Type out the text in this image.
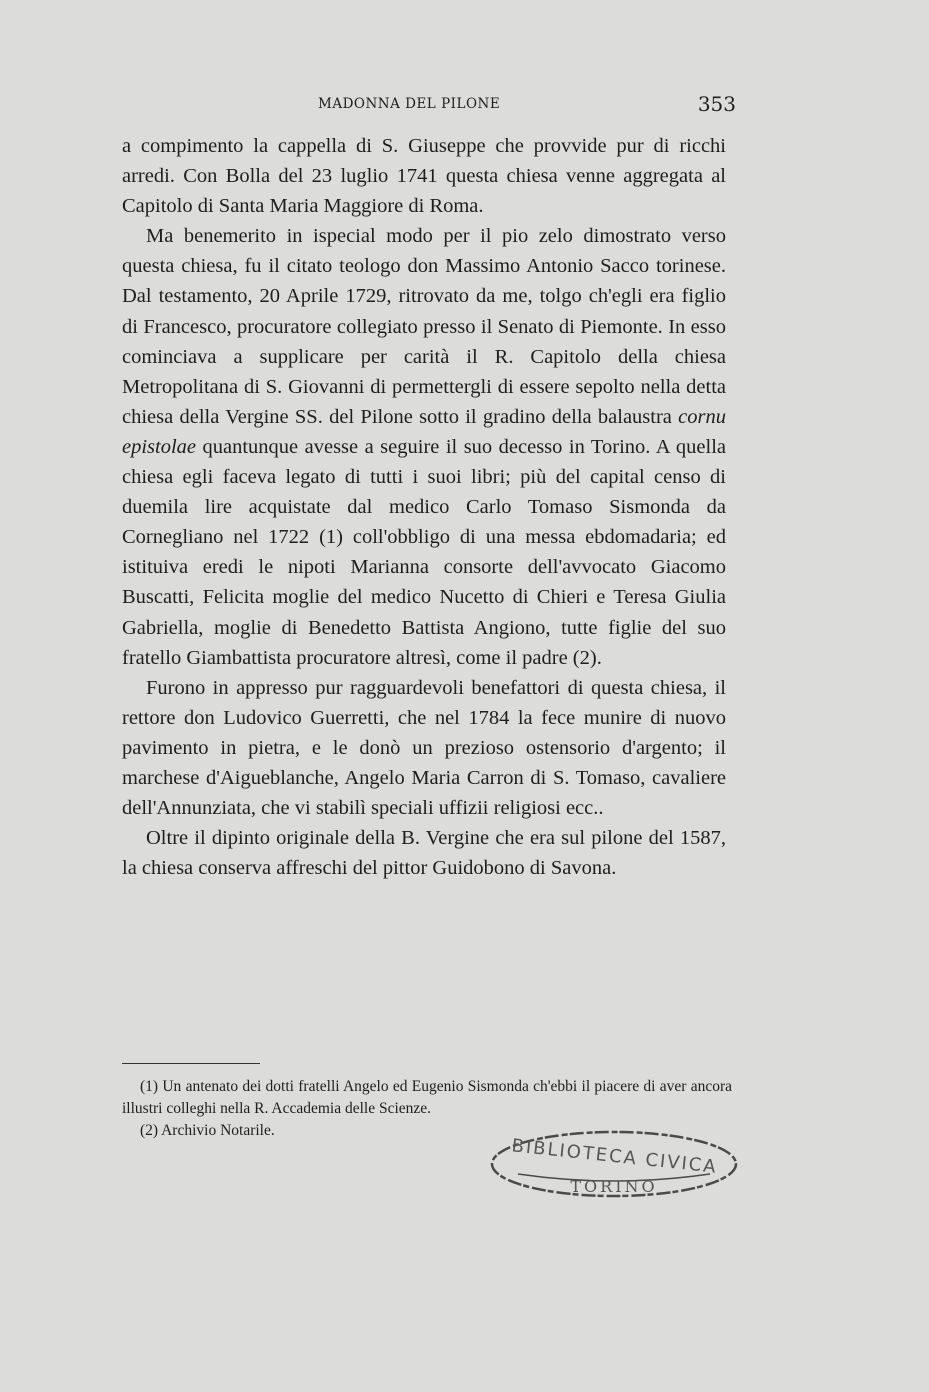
MADONNA DEL PILONE	353

a compimento la cappella di S. Giuseppe che provvide pur di ricchi arredi. Con Bolla del 23 luglio 1741 questa chiesa venne aggregata al Capitolo di Santa Maria Maggiore di Roma.

Ma benemerito in ispecial modo per il pio zelo dimostrato verso questa chiesa, fu il citato teologo don Massimo Antonio Sacco torinese. Dal testamento, 20 Aprile 1729, ritrovato da me, tolgo ch'egli era figlio di Francesco, procuratore collegiato presso il Senato di Piemonte. In esso cominciava a supplicare per carità il R. Capitolo della chiesa Metropolitana di S. Giovanni di permettergli di essere sepolto nella detta chiesa della Vergine SS. del Pilone sotto il gradino della balaustra cornu epistolae quantunque avesse a seguire il suo decesso in Torino. A quella chiesa egli faceva legato di tutti i suoi libri; più del capital censo di duemila lire acquistate dal medico Carlo Tomaso Sismonda da Cornegliano nel 1722 (1) coll'obbligo di una messa ebdomadaria; ed istituiva eredi le nipoti Marianna consorte dell'avvocato Giacomo Buscatti, Felicita moglie del medico Nucetto di Chieri e Teresa Giulia Gabriella, moglie di Benedetto Battista Angiono, tutte figlie del suo fratello Giambattista procuratore altresì, come il padre (2).

Furono in appresso pur ragguardevoli benefattori di questa chiesa, il rettore don Ludovico Guerretti, che nel 1784 la fece munire di nuovo pavimento in pietra, e le donò un prezioso ostensorio d'argento; il marchese d'Aigueblanche, Angelo Maria Carron di S. Tomaso, cavaliere dell'Annunziata, che vi stabilì speciali uffizii religiosi ecc..

Oltre il dipinto originale della B. Vergine che era sul pilone del 1587, la chiesa conserva affreschi del pittor Guidobono di Savona.

(1) Un antenato dei dotti fratelli Angelo ed Eugenio Sismonda ch'ebbi il piacere di aver ancora illustri colleghi nella R. Accademia delle Scienze.

(2) Archivio Notarile.

BIBLIOTECA CIVICA
TORINO
